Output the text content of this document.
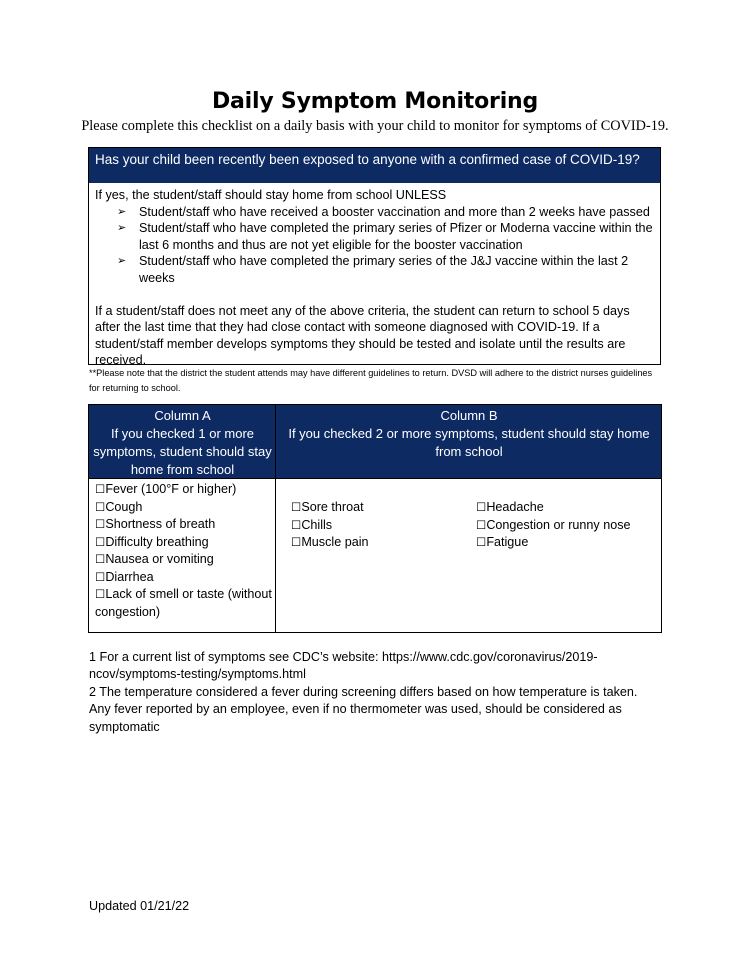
Daily Symptom Monitoring
Please complete this checklist on a daily basis with your child to monitor for symptoms of COVID-19.
Has your child been recently been exposed to anyone with a confirmed case of COVID-19?
If yes, the student/staff should stay home from school UNLESS
➢ Student/staff who have received a booster vaccination and more than 2 weeks have passed
➢ Student/staff who have completed the primary series of Pfizer or Moderna vaccine within the last 6 months and thus are not yet eligible for the booster vaccination
➢ Student/staff who have completed the primary series of the J&J vaccine within the last 2 weeks
If a student/staff does not meet any of the above criteria, the student can return to school 5 days after the last time that they had close contact with someone diagnosed with COVID-19. If a student/staff member develops symptoms they should be tested and isolate until the results are received.
**Please note that the district the student attends may have different guidelines to return. DVSD will adhere to the district nurses guidelines for returning to school.
Column A
If you checked 1 or more symptoms, student should stay home from school
Column B
If you checked 2 or more symptoms, student should stay home from school
☐Fever (100°F or higher)
☐Cough
☐Shortness of breath
☐Difficulty breathing
☐Nausea or vomiting
☐Diarrhea
☐Lack of smell or taste (without congestion)
☐Sore throat
☐Chills
☐Muscle pain
☐Headache
☐Congestion or runny nose
☐Fatigue
1 For a current list of symptoms see CDC’s website: https://www.cdc.gov/coronavirus/2019-ncov/symptoms-testing/symptoms.html
2 The temperature considered a fever during screening differs based on how temperature is taken. Any fever reported by an employee, even if no thermometer was used, should be considered as symptomatic
Updated 01/21/22
